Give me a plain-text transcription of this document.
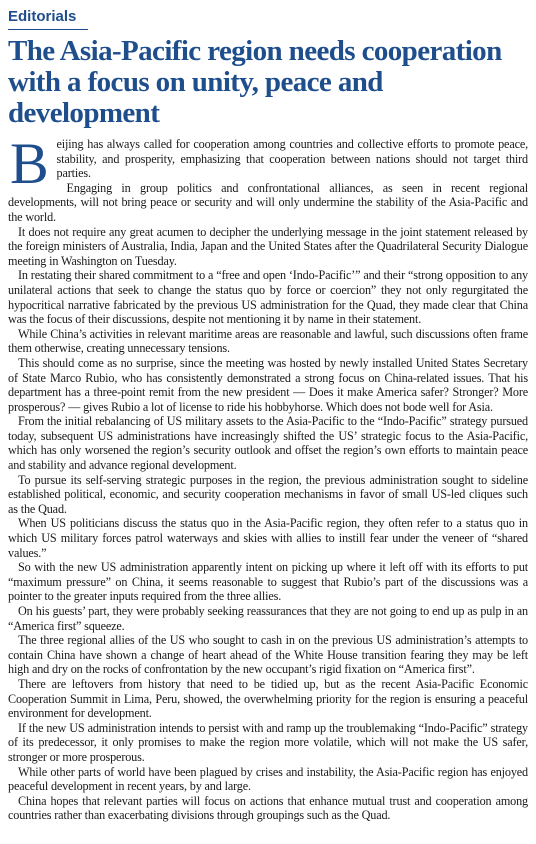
Editorials
The Asia-Pacific region needs cooperation with a focus on unity, peace and development

Beijing has always called for cooperation among countries and collective efforts to promote peace, stability, and prosperity, emphasizing that cooperation between nations should not target third parties.

Engaging in group politics and confrontational alliances, as seen in recent regional developments, will not bring peace or security and will only undermine the stability of the Asia-Pacific and the world.

It does not require any great acumen to decipher the underlying message in the joint statement released by the foreign ministers of Australia, India, Japan and the United States after the Quadrilateral Security Dialogue meeting in Washington on Tuesday.

In restating their shared commitment to a “free and open ‘Indo-Pacific’” and their “strong opposition to any unilateral actions that seek to change the status quo by force or coercion” they not only regurgitated the hypocritical narrative fabricated by the previous US administration for the Quad, they made clear that China was the focus of their discussions, despite not mentioning it by name in their statement.

While China’s activities in relevant maritime areas are reasonable and lawful, such discussions often frame them otherwise, creating unnecessary tensions.

This should come as no surprise, since the meeting was hosted by newly installed United States Secretary of State Marco Rubio, who has consistently demonstrated a strong focus on China-related issues. That his department has a three-point remit from the new president — Does it make America safer? Stronger? More prosperous? — gives Rubio a lot of license to ride his hobbyhorse. Which does not bode well for Asia.

From the initial rebalancing of US military assets to the Asia-Pacific to the “Indo-Pacific” strategy pursued today, subsequent US administrations have increasingly shifted the US’ strategic focus to the Asia-Pacific, which has only worsened the region’s security outlook and offset the region’s own efforts to maintain peace and stability and advance regional development.

To pursue its self-serving strategic purposes in the region, the previous administration sought to sideline established political, economic, and security cooperation mechanisms in favor of small US-led cliques such as the Quad.

When US politicians discuss the status quo in the Asia-Pacific region, they often refer to a status quo in which US military forces patrol waterways and skies with allies to instill fear under the veneer of “shared values.”

So with the new US administration apparently intent on picking up where it left off with its efforts to put “maximum pressure” on China, it seems reasonable to suggest that Rubio’s part of the discussions was a pointer to the greater inputs required from the three allies.

On his guests’ part, they were probably seeking reassurances that they are not going to end up as pulp in an “America first” squeeze.

The three regional allies of the US who sought to cash in on the previous US administration’s attempts to contain China have shown a change of heart ahead of the White House transition fearing they may be left high and dry on the rocks of confrontation by the new occupant’s rigid fixation on “America first”.

There are leftovers from history that need to be tidied up, but as the recent Asia-Pacific Economic Cooperation Summit in Lima, Peru, showed, the overwhelming priority for the region is ensuring a peaceful environment for development.

If the new US administration intends to persist with and ramp up the troublemaking “Indo-Pacific” strategy of its predecessor, it only promises to make the region more volatile, which will not make the US safer, stronger or more prosperous.

While other parts of world have been plagued by crises and instability, the Asia-Pacific region has enjoyed peaceful development in recent years, by and large.

China hopes that relevant parties will focus on actions that enhance mutual trust and cooperation among countries rather than exacerbating divisions through groupings such as the Quad.
